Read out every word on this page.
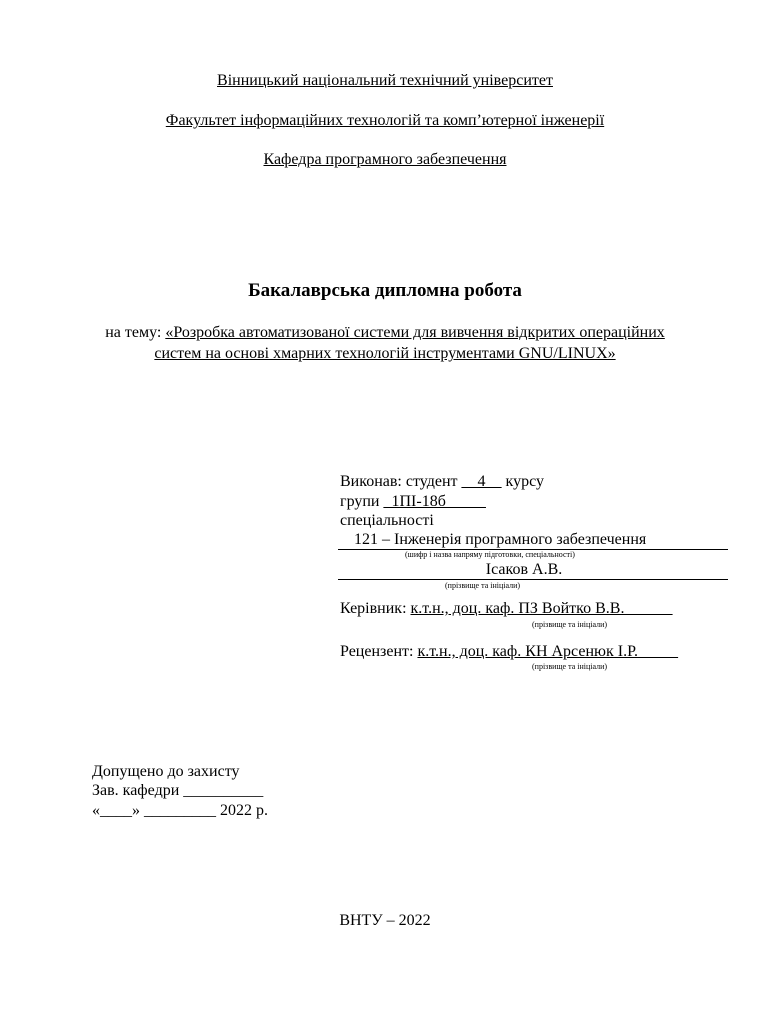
Вінницький національний технічний університет
Факультет інформаційних технологій та комп’ютерної інженерії
Кафедра програмного забезпечення
Бакалаврська дипломна робота
на тему: «Розробка автоматизованої системи для вивчення відкритих операційних
систем на основі хмарних технологій інструментами GNU/LINUX»
Виконав: студент __4__ курсу
групи _1ПІ-18б_____
спеціальності
121 – Інженерія програмного забезпечення
(шифр і назва напряму підготовки, спеціальності)
Ісаков А.В.
(прізвище та ініціали)
Керівник: к.т.н., доц. каф. ПЗ Войтко В.В.______
(прізвище та ініціали)
Рецензент: к.т.н., доц. каф. КН Арсенюк І.Р._____
(прізвище та ініціали)
Допущено до захисту
Зав. кафедри __________
«____» _________ 2022 р.
ВНТУ – 2022
